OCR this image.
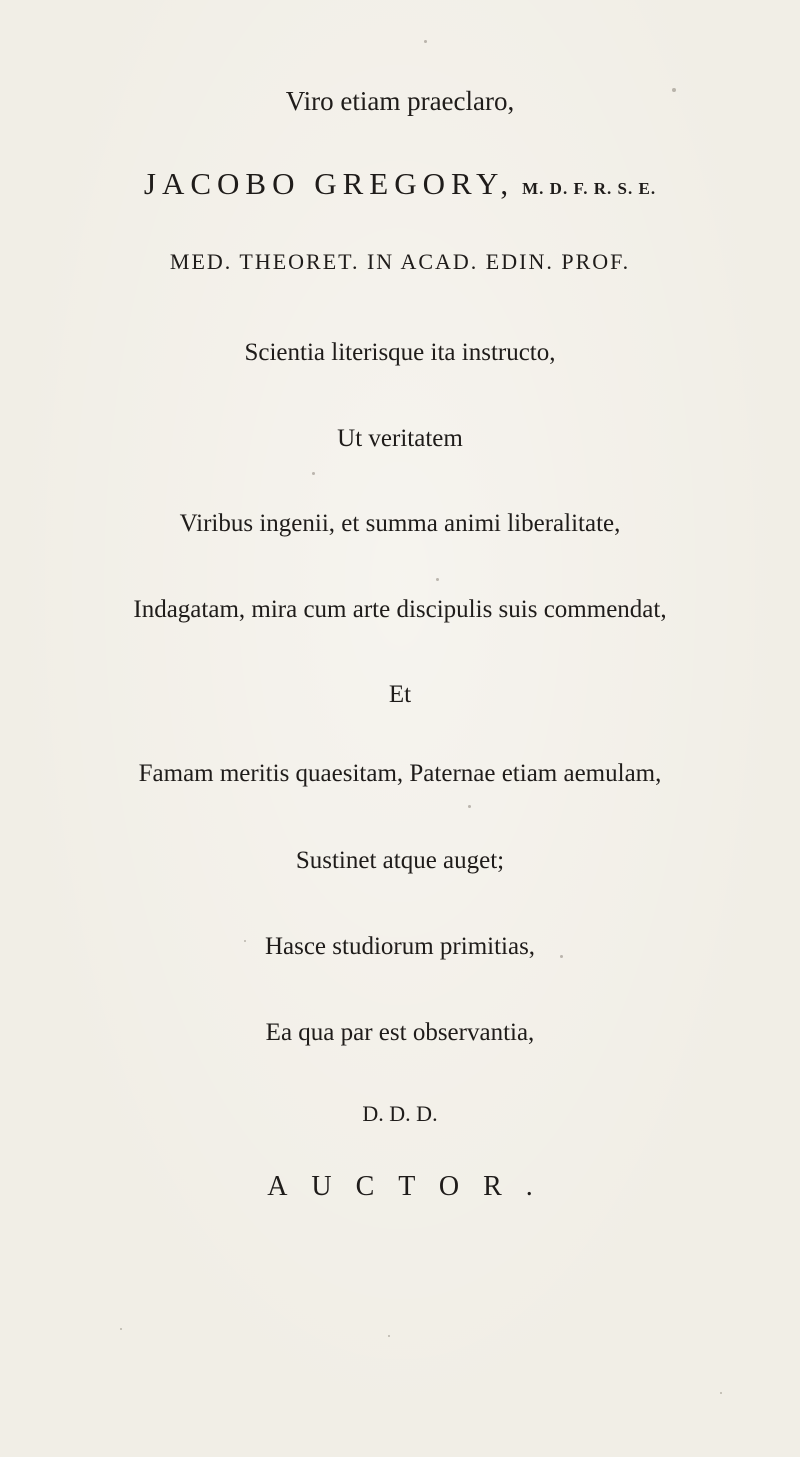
Viro etiam praeclaro,
JACOBO GREGORY, M. D. F. R. S. E.
MED. THEORET. IN ACAD. EDIN. PROF.
Scientia literisque ita instructo,
Ut veritatem
Viribus ingenii, et summa animi liberalitate,
Indagatam, mira cum arte discipulis suis commendat,
Et
Famam meritis quaesitam, Paternae etiam aemulam,
Sustinet atque auget;
Hasce studiorum primitias,
Ea qua par est observantia,
D. D. D.
AUCTOR.
